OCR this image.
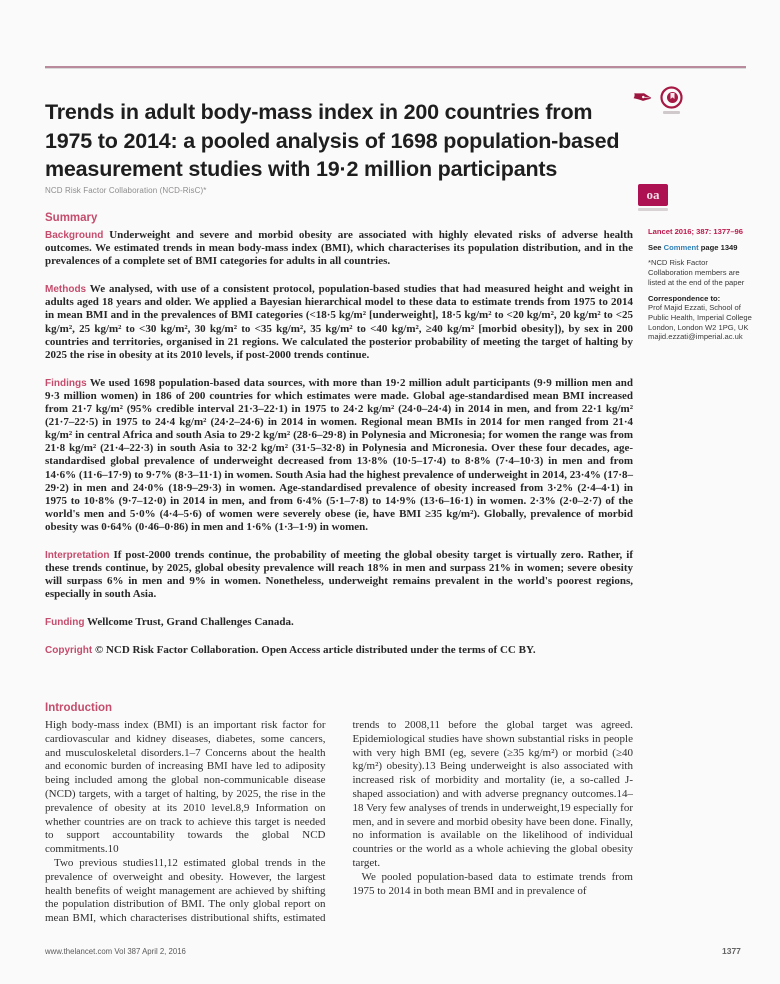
Trends in adult body-mass index in 200 countries from 1975 to 2014: a pooled analysis of 1698 population-based measurement studies with 19·2 million participants
✒
NCD Risk Factor Collaboration (NCD-RisC)*	oa

Lancet 2016; 387: 1377–96

See Comment page 1349

*NCD Risk Factor Collaboration members are listed at the end of the paper

Correspondence to:
Prof Majid Ezzati, School of Public Health, Imperial College London, London W2 1PG, UK
majid.ezzati@imperial.ac.uk

Summary

Background Underweight and severe and morbid obesity are associated with highly elevated risks of adverse health outcomes. We estimated trends in mean body-mass index (BMI), which characterises its population distribution, and in the prevalences of a complete set of BMI categories for adults in all countries.

Methods We analysed, with use of a consistent protocol, population-based studies that had measured height and weight in adults aged 18 years and older. We applied a Bayesian hierarchical model to these data to estimate trends from 1975 to 2014 in mean BMI and in the prevalences of BMI categories (<18·5 kg/m² [underweight], 18·5 kg/m² to <20 kg/m², 20 kg/m² to <25 kg/m², 25 kg/m² to <30 kg/m², 30 kg/m² to <35 kg/m², 35 kg/m² to <40 kg/m², ≥40 kg/m² [morbid obesity]), by sex in 200 countries and territories, organised in 21 regions. We calculated the posterior probability of meeting the target of halting by 2025 the rise in obesity at its 2010 levels, if post-2000 trends continue.

Findings We used 1698 population-based data sources, with more than 19·2 million adult participants (9·9 million men and 9·3 million women) in 186 of 200 countries for which estimates were made. Global age-standardised mean BMI increased from 21·7 kg/m² (95% credible interval 21·3–22·1) in 1975 to 24·2 kg/m² (24·0–24·4) in 2014 in men, and from 22·1 kg/m² (21·7–22·5) in 1975 to 24·4 kg/m² (24·2–24·6) in 2014 in women. Regional mean BMIs in 2014 for men ranged from 21·4 kg/m² in central Africa and south Asia to 29·2 kg/m² (28·6–29·8) in Polynesia and Micronesia; for women the range was from 21·8 kg/m² (21·4–22·3) in south Asia to 32·2 kg/m² (31·5–32·8) in Polynesia and Micronesia. Over these four decades, age-standardised global prevalence of underweight decreased from 13·8% (10·5–17·4) to 8·8% (7·4–10·3) in men and from 14·6% (11·6–17·9) to 9·7% (8·3–11·1) in women. South Asia had the highest prevalence of underweight in 2014, 23·4% (17·8–29·2) in men and 24·0% (18·9–29·3) in women. Age-standardised prevalence of obesity increased from 3·2% (2·4–4·1) in 1975 to 10·8% (9·7–12·0) in 2014 in men, and from 6·4% (5·1–7·8) to 14·9% (13·6–16·1) in women. 2·3% (2·0–2·7) of the world's men and 5·0% (4·4–5·6) of women were severely obese (ie, have BMI ≥35 kg/m²). Globally, prevalence of morbid obesity was 0·64% (0·46–0·86) in men and 1·6% (1·3–1·9) in women.

Interpretation If post-2000 trends continue, the probability of meeting the global obesity target is virtually zero. Rather, if these trends continue, by 2025, global obesity prevalence will reach 18% in men and surpass 21% in women; severe obesity will surpass 6% in men and 9% in women. Nonetheless, underweight remains prevalent in the world's poorest regions, especially in south Asia.

Funding Wellcome Trust, Grand Challenges Canada.

Copyright © NCD Risk Factor Collaboration. Open Access article distributed under the terms of CC BY.

Introduction

High body-mass index (BMI) is an important risk factor for cardiovascular and kidney diseases, diabetes, some cancers, and musculoskeletal disorders.1–7 Concerns about the health and economic burden of increasing BMI have led to adiposity being included among the global non-communicable disease (NCD) targets, with a target of halting, by 2025, the rise in the prevalence of obesity at its 2010 level.8,9 Information on whether countries are on track to achieve this target is needed to support accountability towards the global NCD commitments.10

Two previous studies11,12 estimated global trends in the prevalence of overweight and obesity. However, the largest health benefits of weight management are achieved by shifting the population distribution of BMI. The only global report on mean BMI, which characterises distributional shifts, estimated trends to 2008,11 before the global target was agreed. Epidemiological studies have shown substantial risks in people with very high BMI (eg, severe (≥35 kg/m²) or morbid (≥40 kg/m²) obesity).13 Being underweight is also associated with increased risk of morbidity and mortality (ie, a so-called J-shaped association) and with adverse pregnancy outcomes.14–18 Very few analyses of trends in underweight,19 especially for men, and in severe and morbid obesity have been done. Finally, no information is available on the likelihood of individual countries or the world as a whole achieving the global obesity target.

We pooled population-based data to estimate trends from 1975 to 2014 in both mean BMI and in prevalence of

www.thelancet.com Vol 387 April 2, 2016	1377
